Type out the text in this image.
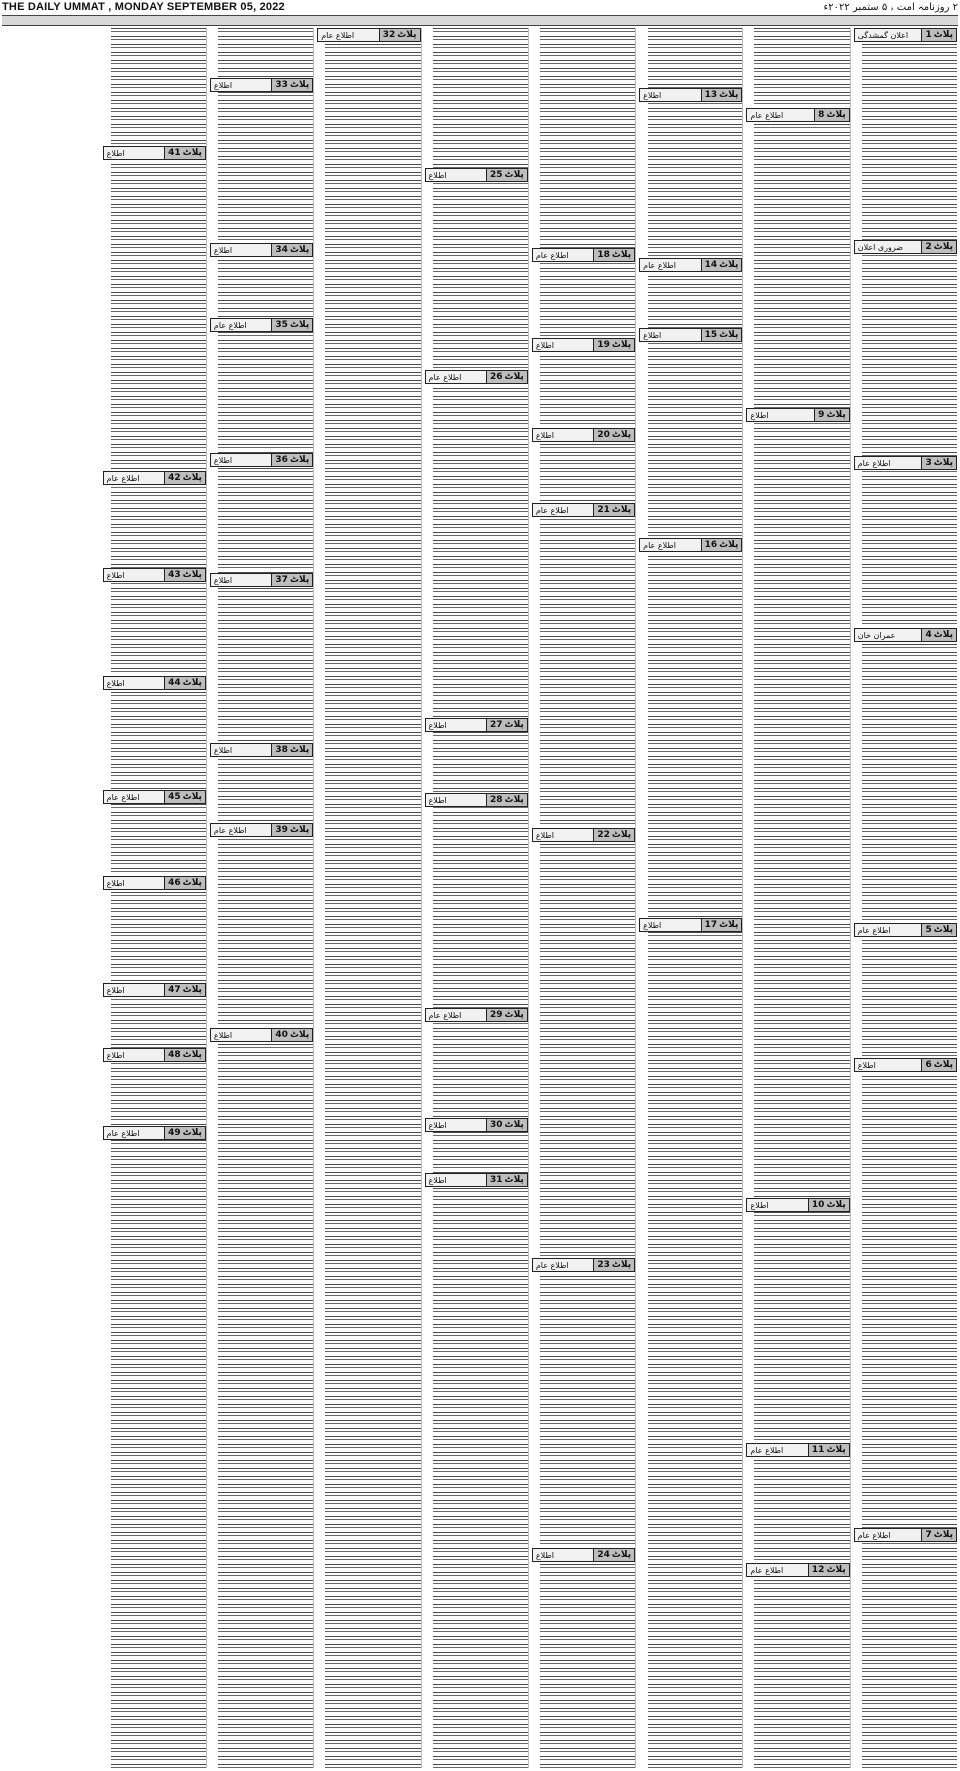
THE DAILY UMMAT , MONDAY SEPTEMBER 05, 2022	۲ روزنامہ امت ، ۵ ستمبر ۲۰۲۲ء
پلاٹ
1
اعلان گمشدگی
پلاٹ
2
ضروری اعلان
پلاٹ
3
اطلاع عام
پلاٹ
4
عمران خان
پلاٹ
5
اطلاع عام
پلاٹ
6
اطلاع
پلاٹ
7
اطلاع عام
پلاٹ
8
اطلاع عام
پلاٹ
9
اطلاع
پلاٹ
10
اطلاع
پلاٹ
11
اطلاع عام
پلاٹ
12
اطلاع عام
پلاٹ
13
اطلاع
پلاٹ
14
اطلاع عام
پلاٹ
15
اطلاع
پلاٹ
16
اطلاع عام
پلاٹ
17
اطلاع
پلاٹ
18
اطلاع عام
پلاٹ
19
اطلاع
پلاٹ
20
اطلاع
پلاٹ
21
اطلاع عام
پلاٹ
22
اطلاع
پلاٹ
23
اطلاع عام
پلاٹ
24
اطلاع
پلاٹ
25
اطلاع
پلاٹ
26
اطلاع عام
پلاٹ
27
اطلاع
پلاٹ
28
اطلاع
پلاٹ
29
اطلاع عام
پلاٹ
30
اطلاع
پلاٹ
31
اطلاع
پلاٹ
32
اطلاع عام
پلاٹ
33
اطلاع
پلاٹ
34
اطلاع
پلاٹ
35
اطلاع عام
پلاٹ
36
اطلاع
پلاٹ
37
اطلاع
پلاٹ
38
اطلاع
پلاٹ
39
اطلاع عام
پلاٹ
40
اطلاع
پلاٹ
41
اطلاع
پلاٹ
42
اطلاع عام
پلاٹ
43
اطلاع
پلاٹ
44
اطلاع
پلاٹ
45
اطلاع عام
پلاٹ
46
اطلاع
پلاٹ
47
اطلاع
پلاٹ
48
اطلاع
پلاٹ
49
اطلاع عام
